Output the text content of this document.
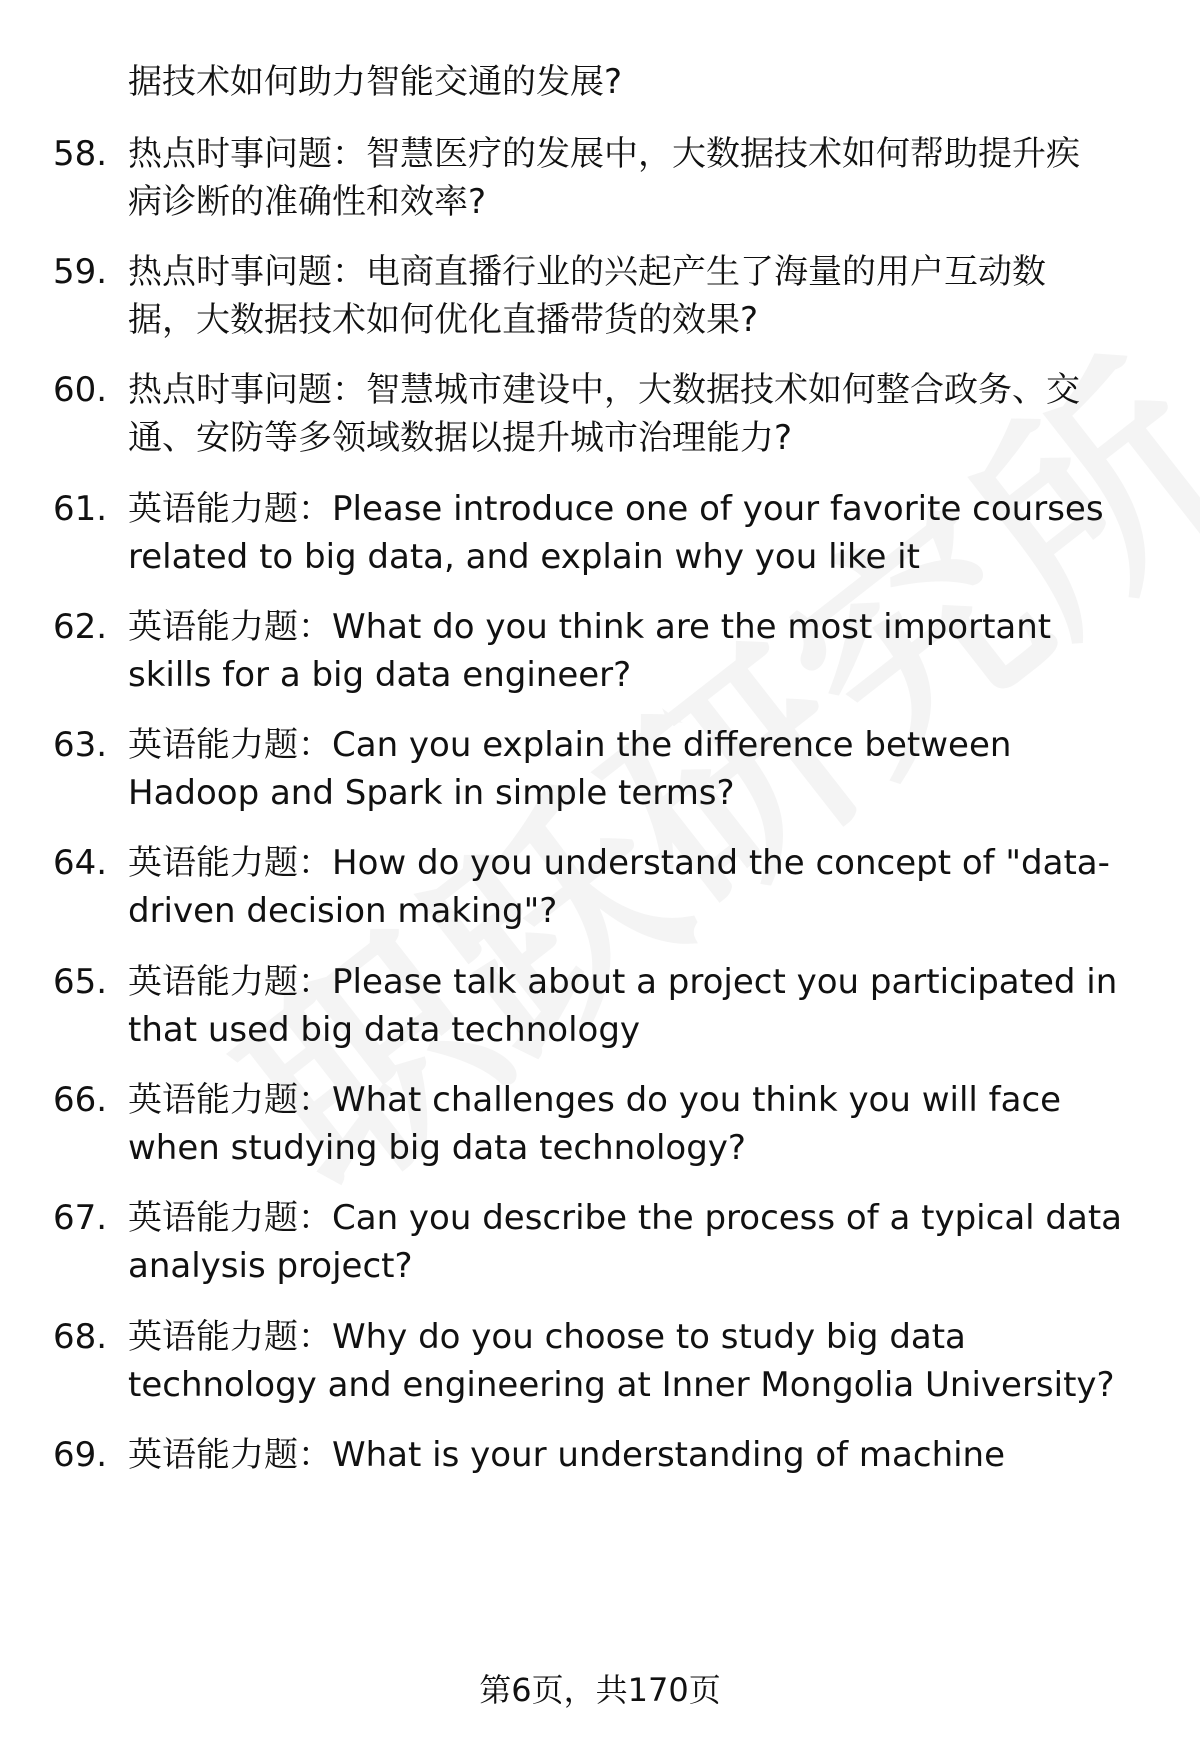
据技术如何助力智能交通的发展?
58. 热点时事问题：智慧医疗的发展中，大数据技术如何帮助提升疾
病诊断的准确性和效率?
59. 热点时事问题：电商直播行业的兴起产生了海量的用户互动数
据，大数据技术如何优化直播带货的效果?
60. 热点时事问题：智慧城市建设中，大数据技术如何整合政务、交
通、安防等多领域数据以提升城市治理能力?
61. 英语能力题：Please introduce one of your favorite courses
related to big data, and explain why you like it
62. 英语能力题：What do you think are the most important
skills for a big data engineer?
63. 英语能力题：Can you explain the difference between
Hadoop and Spark in simple terms?
64. 英语能力题：How do you understand the concept of "data-
driven decision making"?
65. 英语能力题：Please talk about a project you participated in
that used big data technology
66. 英语能力题：What challenges do you think you will face
when studying big data technology?
67. 英语能力题：Can you describe the process of a typical data
analysis project?
68. 英语能力题：Why do you choose to study big data
technology and engineering at Inner Mongolia University?
69. 英语能力题：What is your understanding of machine
第6页，共170页
